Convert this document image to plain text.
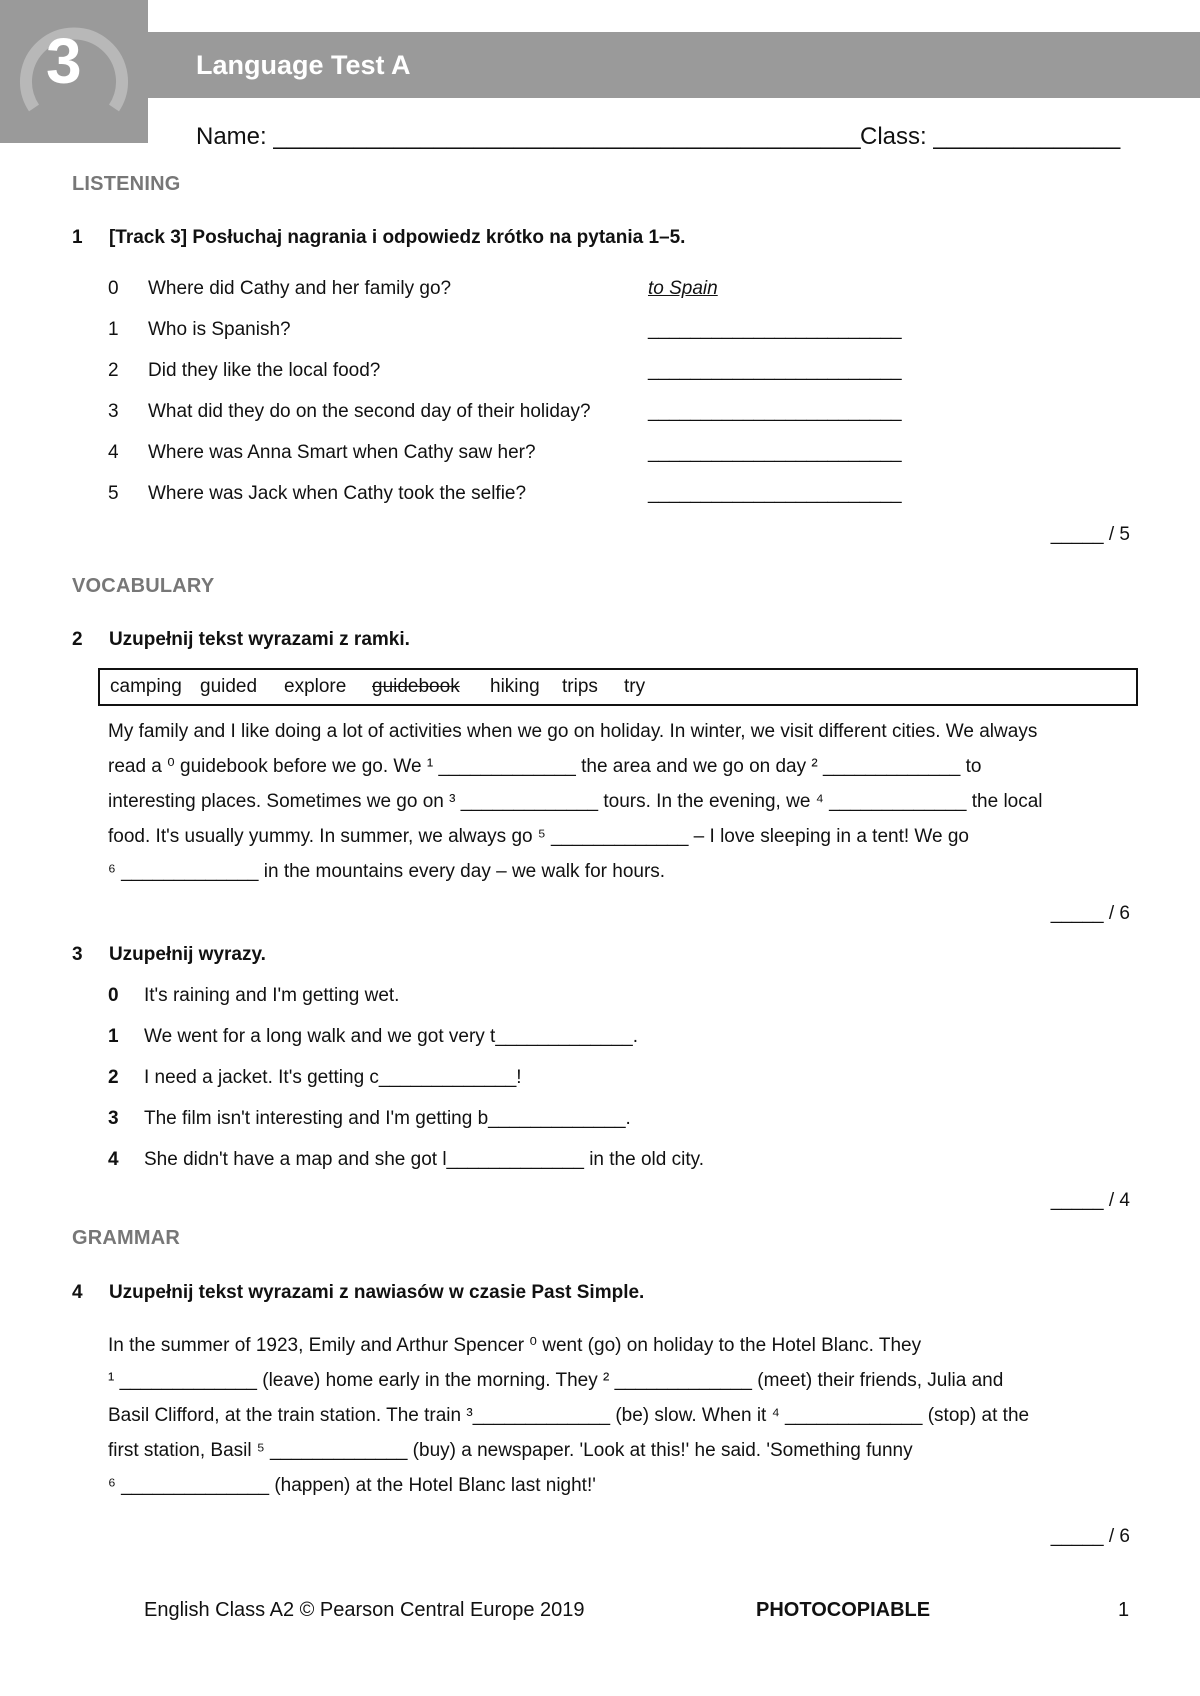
3	Language Test A
Name: ____________________________________________ Class: ______________
LISTENING
1     [Track 3] Posłuchaj nagrania i odpowiedz krótko na pytania 1–5.
0 Where did Cathy and her family go?	to Spain
1 Who is Spanish?	________________________
2 Did they like the local food?	________________________
3 What did they do on the second day of their holiday?	________________________
4 Where was Anna Smart when Cathy saw her?	________________________
5 Where was Jack when Cathy took the selfie?	________________________
_____ / 5
VOCABULARY
2     Uzupełnij tekst wyrazami z ramki.
camping guided explore guidebook hiking trips try
My family and I like doing a lot of activities when we go on holiday. In winter, we visit different cities. We always
read a ⁰ guidebook before we go. We ¹ _____________ the area and we go on day ² _____________ to
interesting places. Sometimes we go on ³ _____________ tours. In the evening, we ⁴ _____________ the local
food. It's usually yummy. In summer, we always go ⁵ _____________ – I love sleeping in a tent! We go
⁶ _____________ in the mountains every day – we walk for hours.
_____ / 6
3     Uzupełnij wyrazy.
0 It's raining and I'm getting wet.
1 We went for a long walk and we got very t_____________.
2 I need a jacket. It's getting c_____________!
3 The film isn't interesting and I'm getting b_____________.
4 She didn't have a map and she got l_____________ in the old city.
_____ / 4
GRAMMAR
4     Uzupełnij tekst wyrazami z nawiasów w czasie Past Simple.
In the summer of 1923, Emily and Arthur Spencer ⁰ went (go) on holiday to the Hotel Blanc. They
¹ _____________ (leave) home early in the morning. They ² _____________ (meet) their friends, Julia and
Basil Clifford, at the train station. The train ³_____________ (be) slow. When it ⁴ _____________ (stop) at the
first station, Basil ⁵ _____________ (buy) a newspaper. 'Look at this!' he said. 'Something funny
⁶ ______________ (happen) at the Hotel Blanc last night!'
_____ / 6
English Class A2 © Pearson Central Europe 2019	PHOTOCOPIABLE	1
